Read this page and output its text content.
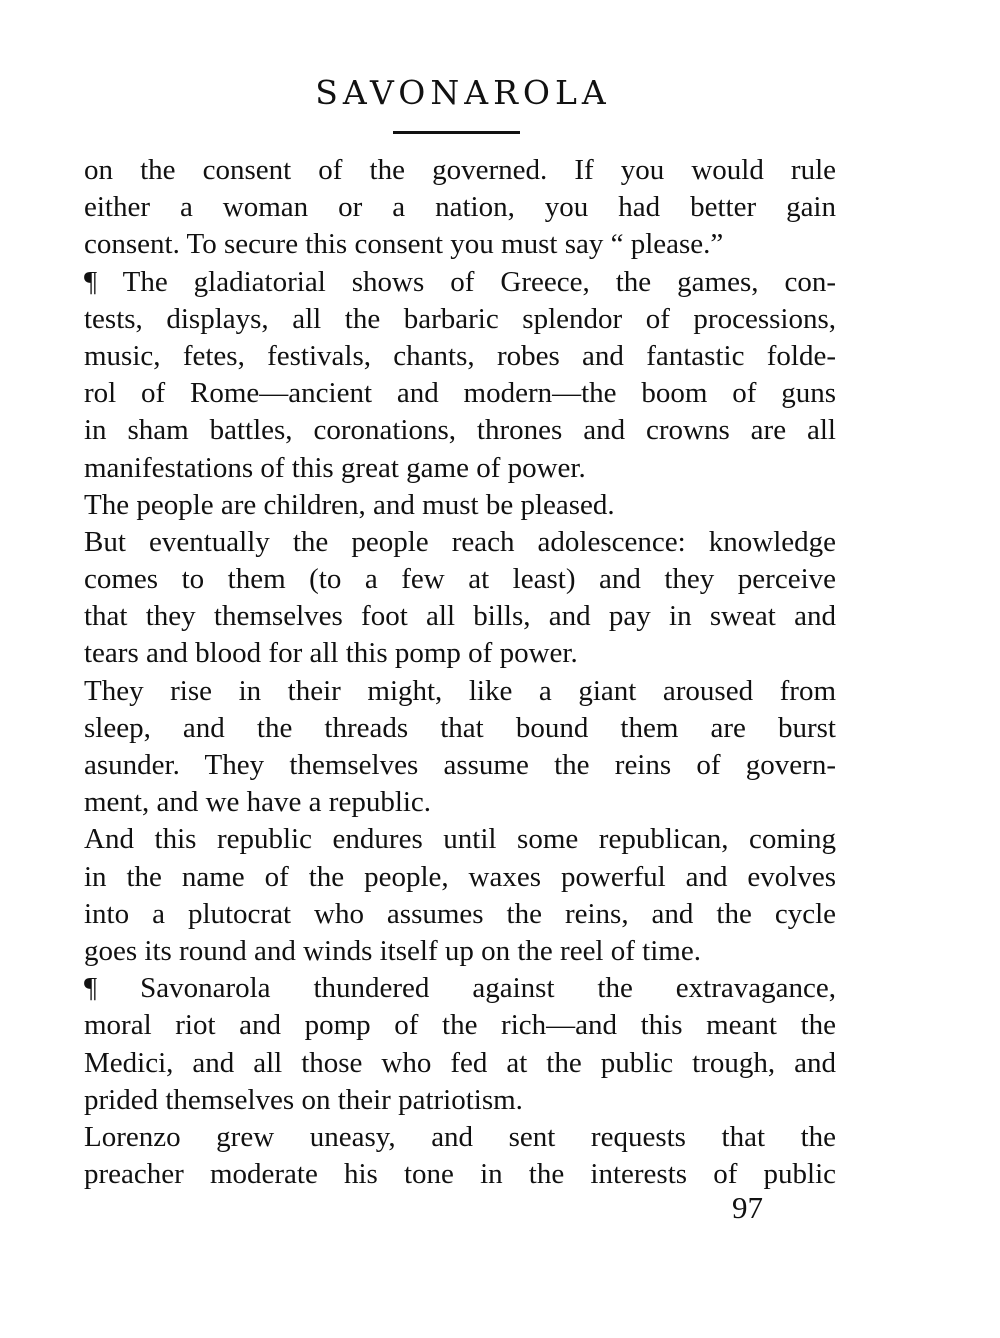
SAVONAROLA
on the consent of the governed. If you would rule
either a woman or a nation, you had better gain
consent. To secure this consent you must say “ please.”
¶ The gladiatorial shows of Greece, the games, con-
tests, displays, all the barbaric splendor of processions,
music, fetes, festivals, chants, robes and fantastic folde-
rol of Rome—ancient and modern—the boom of guns
in sham battles, coronations, thrones and crowns are all
manifestations of this great game of power.
The people are children, and must be pleased.
But eventually the people reach adolescence: knowledge
comes to them (to a few at least) and they perceive
that they themselves foot all bills, and pay in sweat and
tears and blood for all this pomp of power.
They rise in their might, like a giant aroused from
sleep, and the threads that bound them are burst
asunder. They themselves assume the reins of govern-
ment, and we have a republic.
And this republic endures until some republican, coming
in the name of the people, waxes powerful and evolves
into a plutocrat who assumes the reins, and the cycle
goes its round and winds itself up on the reel of time.
¶ Savonarola thundered against the extravagance,
moral riot and pomp of the rich—and this meant the
Medici, and all those who fed at the public trough, and
prided themselves on their patriotism.
Lorenzo grew uneasy, and sent requests that the
preacher moderate his tone in the interests of public
97
